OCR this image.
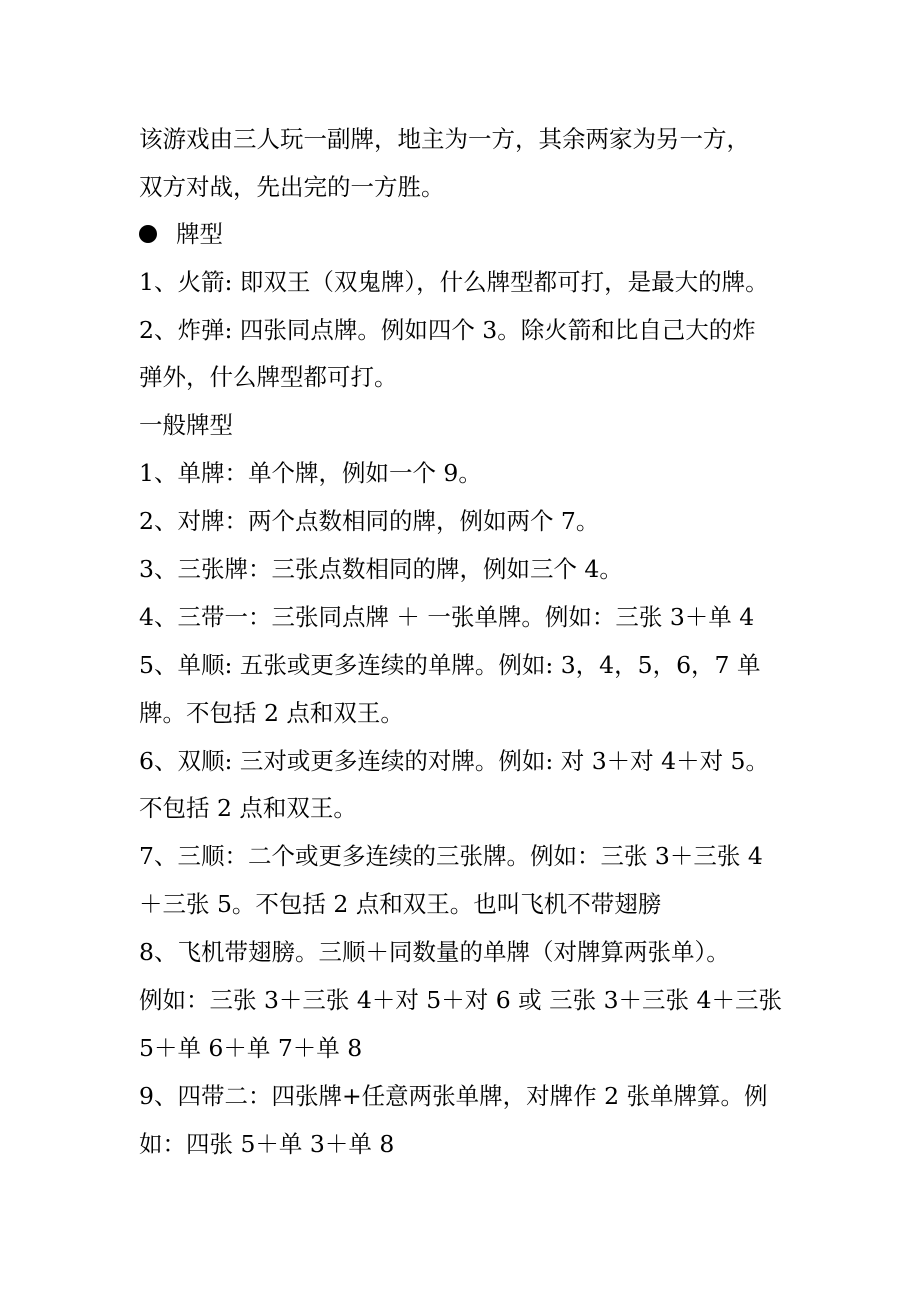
该游戏由三人玩一副牌，地主为一方，其余两家为另一方，
双方对战，先出完的一方胜。
牌型
1、火箭: 即双王（双鬼牌），什么牌型都可打，是最大的牌。
2、炸弹: 四张同点牌。例如四个 3。除火箭和比自己大的炸
弹外，什么牌型都可打。
一般牌型
1、单牌：单个牌，例如一个 9。
2、对牌：两个点数相同的牌，例如两个 7。
3、三张牌：三张点数相同的牌，例如三个 4。
4、三带一：三张同点牌 ＋ 一张单牌。例如：三张 3＋单 4
5、单顺: 五张或更多连续的单牌。例如: 3，4，5，6，7 单
牌。不包括 2 点和双王。
6、双顺: 三对或更多连续的对牌。例如: 对 3＋对 4＋对 5。
不包括 2 点和双王。
7、三顺：二个或更多连续的三张牌。例如：三张 3＋三张 4
＋三张 5。不包括 2 点和双王。也叫飞机不带翅膀
8、飞机带翅膀。三顺＋同数量的单牌（对牌算两张单）。
例如：三张 3＋三张 4＋对 5＋对 6 或 三张 3＋三张 4＋三张
5＋单 6＋单 7＋单 8
9、四带二：四张牌+任意两张单牌，对牌作 2 张单牌算。例
如：四张 5＋单 3＋单 8
